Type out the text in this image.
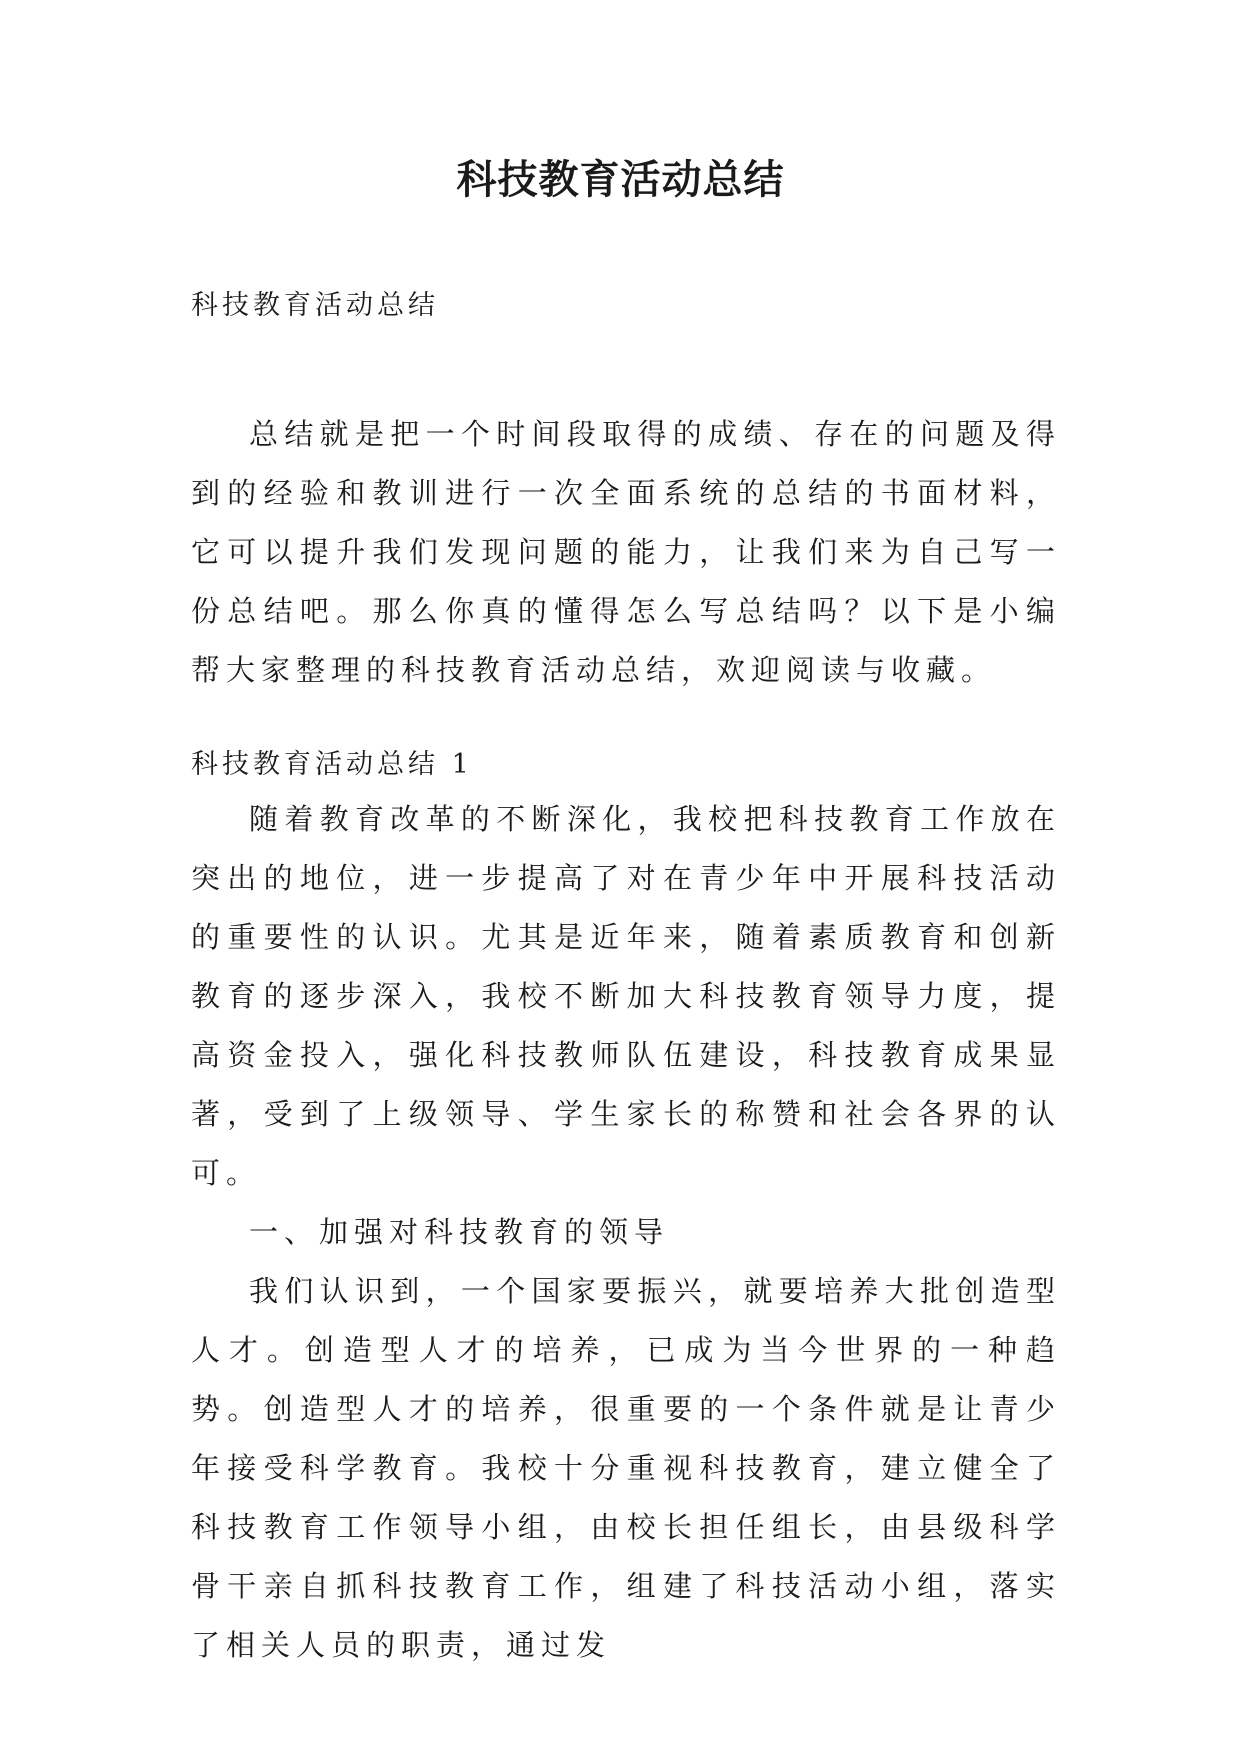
科技教育活动总结
科技教育活动总结

总结就是把一个时间段取得的成绩、存在的问题及得到的经验和教训进行一次全面系统的总结的书面材料，它可以提升我们发现问题的能力，让我们来为自己写一份总结吧。那么你真的懂得怎么写总结吗？以下是小编帮大家整理的科技教育活动总结，欢迎阅读与收藏。

科技教育活动总结 1

随着教育改革的不断深化，我校把科技教育工作放在突出的地位，进一步提高了对在青少年中开展科技活动的重要性的认识。尤其是近年来，随着素质教育和创新教育的逐步深入，我校不断加大科技教育领导力度，提高资金投入，强化科技教师队伍建设，科技教育成果显著，受到了上级领导、学生家长的称赞和社会各界的认可。

一、加强对科技教育的领导

我们认识到，一个国家要振兴，就要培养大批创造型人才。创造型人才的培养，已成为当今世界的一种趋势。创造型人才的培养，很重要的一个条件就是让青少年接受科学教育。我校十分重视科技教育，建立健全了科技教育工作领导小组，由校长担任组长，由县级科学骨干亲自抓科技教育工作，组建了科技活动小组，落实了相关人员的职责，通过发
